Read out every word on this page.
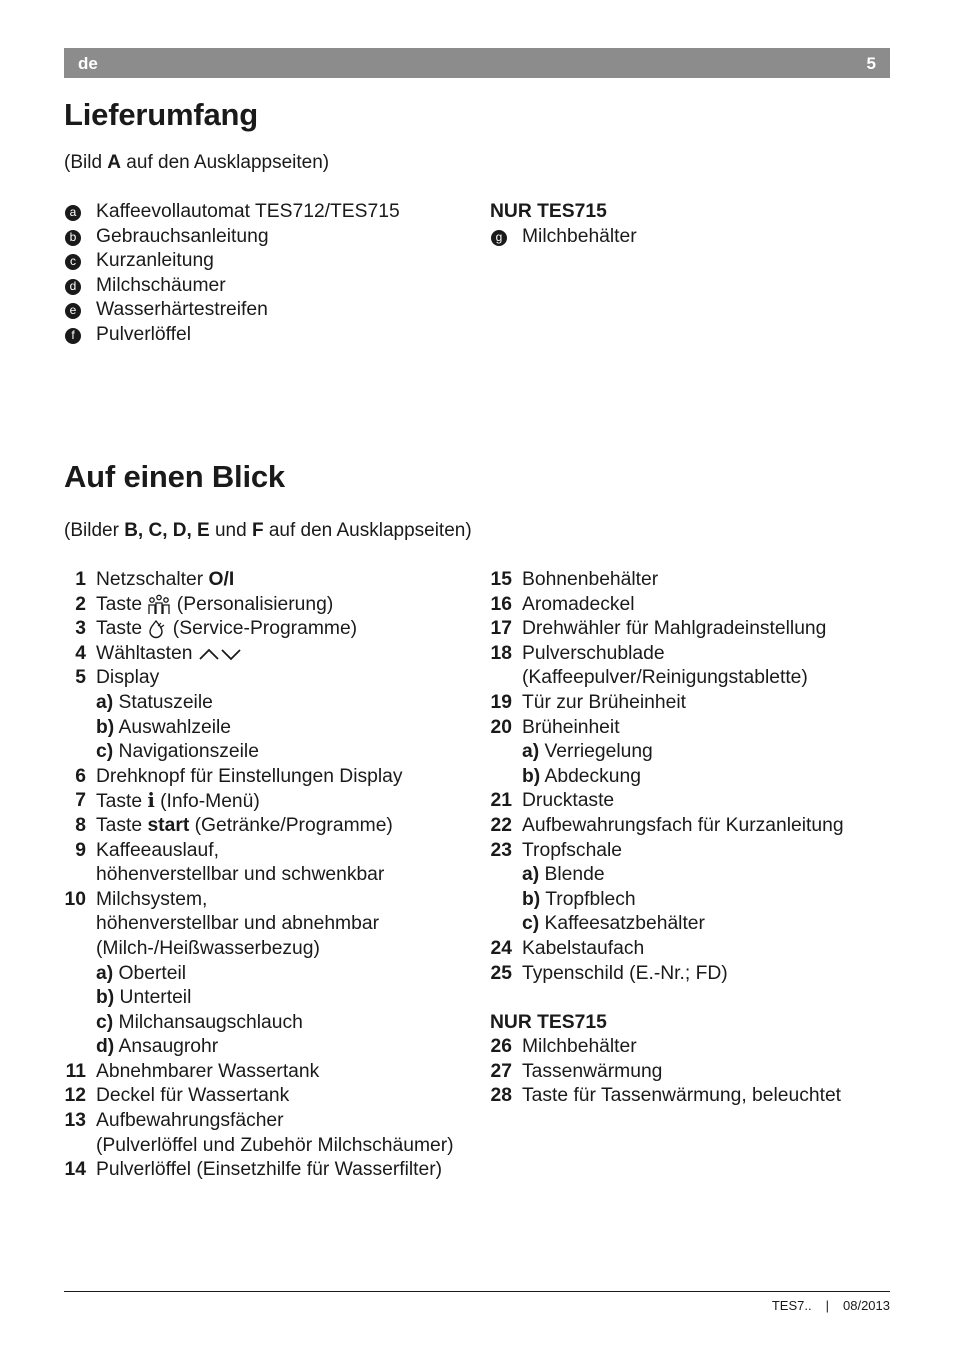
de	5
Lieferumfang

(Bild A auf den Ausklappseiten)

a Kaffeevollautomat TES712/TES715
b Gebrauchsanleitung
c Kurzanleitung
d Milchschäumer
e Wasserhärtestreifen
f	Pulverlöffel
NUR TES715
g Milchbehälter
Auf einen Blick

(Bilder B, C, D, E und F auf den Ausklappseiten)

1 Netzschalter O/I
2 Taste  (Personalisierung)
3 Taste  (Service-Programme)
4 Wähltasten
5 Display
a) Statuszeile
b) Auswahlzeile
c) Navigationszeile
6 Drehknopf für Einstellungen Display
7 Taste i (Info-Menü)
8 Taste start (Getränke/Programme)
9 Kaffeeauslauf,
höhenverstellbar und schwenkbar
10 Milchsystem,
höhenverstellbar und abnehmbar
(Milch-/Heißwasserbezug)
a) Oberteil
b) Unterteil
c) Milchansaugschlauch
d) Ansaugrohr
11 Abnehmbarer Wassertank
12 Deckel für Wassertank
13 Aufbewahrungsfächer
(Pulverlöffel und Zubehör Milchschäumer)
14 Pulverlöffel (Einsetzhilfe für Wasserfilter)
15 Bohnenbehälter
16 Aromadeckel
17 Drehwähler für Mahlgradeinstellung
18 Pulverschublade
(Kaffeepulver/Reinigungstablette)
19 Tür zur Brüheinheit
20 Brüheinheit
a) Verriegelung
b) Abdeckung
21 Drucktaste
22 Aufbewahrungsfach für Kurzanleitung
23 Tropfschale
a) Blende
b) Tropfblech
c) Kaffeesatzbehälter
24 Kabelstaufach
25 Typenschild (E.-Nr.; FD)
NUR TES715
26 Milchbehälter
27 Tassenwärmung
28 Taste für Tassenwärmung, beleuchtet
TES7.. | 08/2013
